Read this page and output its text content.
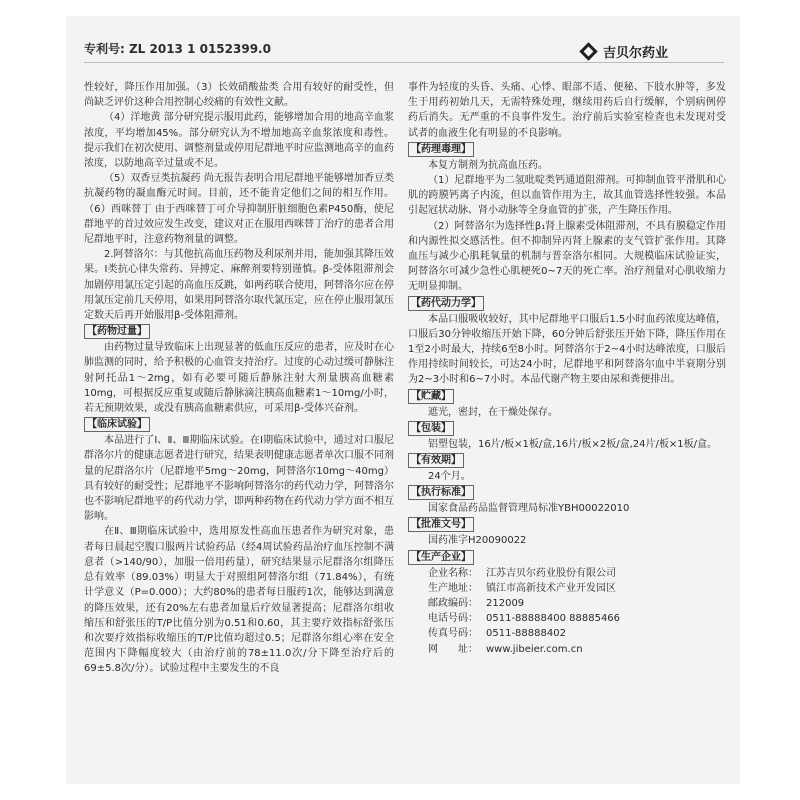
专利号: ZL 2013 1 0152399.0	吉贝尔药业

性较好，降压作用加强。（3）长效硝酸盐类 合用有较好的耐受性，但尚缺乏评价这种合用控制心绞痛的有效性文献。

（4）洋地黄 部分研究提示服用此药，能够增加合用的地高辛血浆浓度，平均增加45%。部分研究认为不增加地高辛血浆浓度和毒性。提示我们在初次使用、调整剂量或停用尼群地平时应监测地高辛的血药浓度，以防地高辛过量或不足。

（5）双香豆类抗凝药 尚无报告表明合用尼群地平能够增加香豆类抗凝药物的凝血酶元时间。目前，还不能肯定他们之间的相互作用。（6）西咪替丁 由于西咪替丁可介导抑制肝脏细胞色素P450酶，使尼群地平的首过效应发生改变，建议对正在服用西咪替丁治疗的患者合用尼群地平时，注意药物剂量的调整。

2.阿替洛尔：与其他抗高血压药物及利尿剂并用，能加强其降压效果。Ⅰ类抗心律失常药、异搏定、麻醉剂要特别谨慎。β-受体阻滞剂会加剧停用氯压定引起的高血压反跳，如两药联合使用，阿替洛尔应在停用氯压定前几天停用，如果用阿替洛尔取代氯压定，应在停止服用氯压定数天后再开始服用β-受体阻滞剂。

【药物过量】

由药物过量导致临床上出现显著的低血压反应的患者，应及时在心肺监测的同时，给予积极的心血管支持治疗。过度的心动过缓可静脉注射阿托品1～2mg，如有必要可随后静脉注射大剂量胰高血糖素10mg，可根据反应重复或随后静脉滴注胰高血糖素1～10mg/小时，若无预期效果，或没有胰高血糖素供应，可采用β-受体兴奋剂。

【临床试验】

本品进行了Ⅰ、Ⅱ、Ⅲ期临床试验。在Ⅰ期临床试验中，通过对口服尼群洛尔片的健康志愿者进行研究，结果表明健康志愿者单次口服不同剂量的尼群洛尔片（尼群地平5mg～20mg，阿替洛尔10mg～40mg）具有较好的耐受性；尼群地平不影响阿替洛尔的药代动力学，阿替洛尔也不影响尼群地平的药代动力学，即两种药物在药代动力学方面不相互影响。

在Ⅱ、Ⅲ期临床试验中，选用原发性高血压患者作为研究对象，患者每日晨起空腹口服两片试验药品（经4周试验药品治疗血压控制不满意者（>140/90），加服一倍用药量），研究结果显示尼群洛尔组降压总有效率（89.03%）明显大于对照组阿替洛尔组（71.84%），有统计学意义（P=0.000）；大约80%的患者每日服药1次，能够达到满意的降压效果，还有20%左右患者加量后疗效显著提高；尼群洛尔组收缩压和舒张压的T/P比值分别为0.51和0.60，其主要疗效指标舒张压和次要疗效指标收缩压的T/P比值均超过0.5；尼群洛尔组心率在安全范围内下降幅度较大（由治疗前的78±11.0次/分下降至治疗后的69±5.8次/分）。试验过程中主要发生的不良

事件为轻度的头昏、头痛、心悸、眼部不适、便秘、下肢水肿等，多发生于用药初始几天，无需特殊处理，继续用药后自行缓解，个别病例停药后消失。无严重的不良事件发生。治疗前后实验室检查也未发现对受试者的血液生化有明显的不良影响。

【药理毒理】

本复方制剂为抗高血压药。

（1）尼群地平为二氢吡啶类钙通道阻滞剂。可抑制血管平滑肌和心肌的跨膜钙离子内流，但以血管作用为主，故其血管选择性较强。本品引起冠状动脉、肾小动脉等全身血管的扩张，产生降压作用。

（2）阿替洛尔为选择性β₁肾上腺素受体阻滞剂，不具有膜稳定作用和内源性拟交感活性。但不抑制异丙肾上腺素的支气管扩张作用。其降血压与减少心肌耗氧量的机制与普奈洛尔相同。大规模临床试验证实，阿替洛尔可减少急性心肌梗死0~7天的死亡率。治疗剂量对心肌收缩力无明显抑制。

【药代动力学】

本品口服吸收较好，其中尼群地平口服后1.5小时血药浓度达峰值，口服后30分钟收缩压开始下降，60分钟后舒张压开始下降，降压作用在1至2小时最大，持续6至8小时。阿替洛尔于2~4小时达峰浓度，口服后作用持续时间较长，可达24小时，尼群地平和阿替洛尔血中半衰期分别为2~3小时和6~7小时。本品代谢产物主要由尿和粪便排出。

【贮藏】

遮光，密封，在干燥处保存。

【包装】

铝塑包装，16片/板×1板/盒,16片/板×2板/盒,24片/板×1板/盒。

【有效期】

24个月。

【执行标准】

国家食品药品监督管理局标准YBH00022010

【批准文号】

国药准字H20090022

【生产企业】

企业名称： 江苏吉贝尔药业股份有限公司

生产地址： 镇江市高新技术产业开发园区

邮政编码： 212009

电话号码： 0511-88888400 88885466

传真号码： 0511-88888402

网　　址： www.jibeier.com.cn
